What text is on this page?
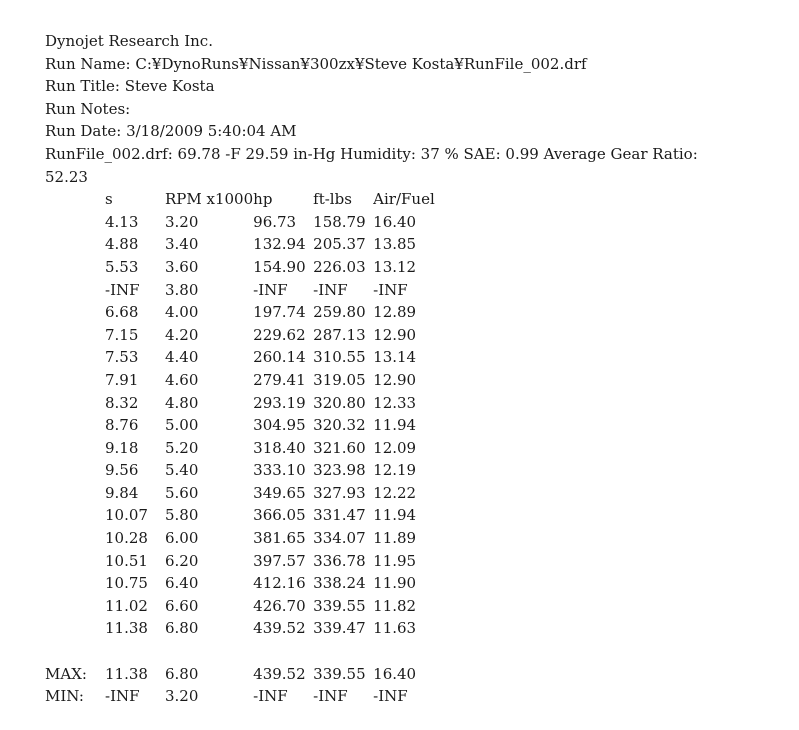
Dynojet Research Inc.
Run Name: C:¥DynoRuns¥Nissan¥300zx¥Steve Kosta¥RunFile_002.drf
Run Title: Steve Kosta
Run Notes:
Run Date: 3/18/2009 5:40:04 AM
RunFile_002.drf: 69.78 -F 29.59 in-Hg Humidity: 37 % SAE: 0.99 Average Gear Ratio:
52.23
	s	RPM x1000	hp	ft-lbs	Air/Fuel
	4.13	3.20	96.73	158.79	16.40
	4.88	3.40	132.94	205.37	13.85
	5.53	3.60	154.90	226.03	13.12
	-INF	3.80	-INF	-INF	-INF
	6.68	4.00	197.74	259.80	12.89
	7.15	4.20	229.62	287.13	12.90
	7.53	4.40	260.14	310.55	13.14
	7.91	4.60	279.41	319.05	12.90
	8.32	4.80	293.19	320.80	12.33
	8.76	5.00	304.95	320.32	11.94
	9.18	5.20	318.40	321.60	12.09
	9.56	5.40	333.10	323.98	12.19
	9.84	5.60	349.65	327.93	12.22
	10.07	5.80	366.05	331.47	11.94
	10.28	6.00	381.65	334.07	11.89
	10.51	6.20	397.57	336.78	11.95
	10.75	6.40	412.16	338.24	11.90
	11.02	6.60	426.70	339.55	11.82
	11.38	6.80	439.52	339.47	11.63

MAX:	11.38	6.80	439.52	339.55	16.40
MIN:	-INF	3.20	-INF	-INF	-INF
